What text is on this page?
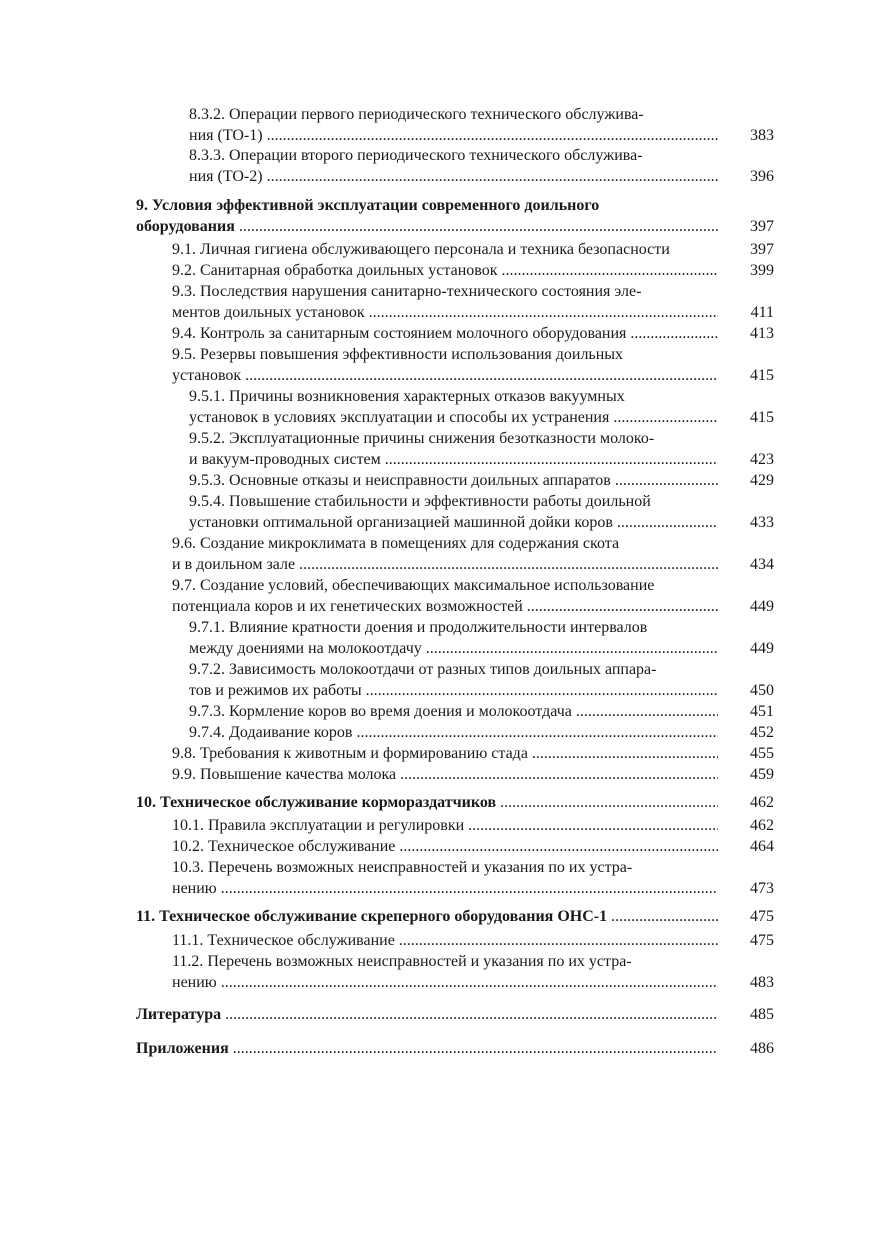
8.3.2. Операции первого периодического технического обслужива-
ния (ТО-1) .....	383
8.3.3. Операции второго периодического технического обслужива-
ния (ТО-2) .....	396
9. Условия эффективной эксплуатации современного доильного
оборудования .....	397
9.1. Личная гигиена обслуживающего персонала и техника безопасности	397
9.2. Санитарная обработка доильных установок .....	399
9.3. Последствия нарушения санитарно-технического состояния эле-
ментов доильных установок .....	411
9.4. Контроль за санитарным состоянием молочного оборудования .....	413
9.5. Резервы повышения эффективности использования доильных
установок .....	415
9.5.1. Причины возникновения характерных отказов вакуумных
установок в условиях эксплуатации и способы их устранения .....	415
9.5.2. Эксплуатационные причины снижения безотказности молоко-
и вакуум-проводных систем .....	423
9.5.3. Основные отказы и неисправности доильных аппаратов .....	429
9.5.4. Повышение стабильности и эффективности работы доильной
установки оптимальной организацией машинной дойки коров .....	433
9.6. Создание микроклимата в помещениях для содержания скота
и в доильном зале .....	434
9.7. Создание условий, обеспечивающих максимальное использование
потенциала коров и их генетических возможностей .....	449
9.7.1. Влияние кратности доения и продолжительности интервалов
между доениями на молокоотдачу .....	449
9.7.2. Зависимость молокоотдачи от разных типов доильных аппара-
тов и режимов их работы .....	450
9.7.3. Кормление коров во время доения и молокоотдача .....	451
9.7.4. Додаивание коров .....	452
9.8. Требования к животным и формированию стада .....	455
9.9. Повышение качества молока .....	459
10. Техническое обслуживание кормораздатчиков .....	462
10.1. Правила эксплуатации и регулировки .....	462
10.2. Техническое обслуживание .....	464
10.3. Перечень возможных неисправностей и указания по их устра-
нению .....	473
11. Техническое обслуживание скреперного оборудования ОНС-1 .....	475
11.1. Техническое обслуживание .....	475
11.2. Перечень возможных неисправностей и указания по их устра-
нению .....	483
Литература .....	485
Приложения .....	486
